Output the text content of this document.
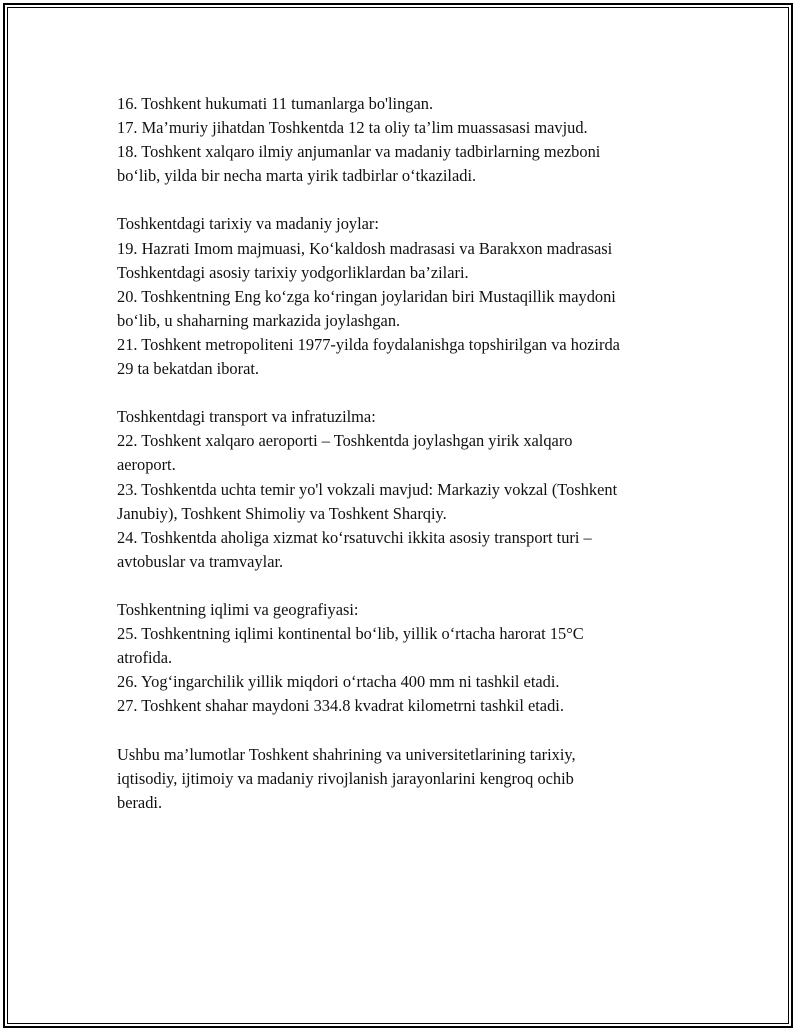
16. Toshkent hukumati 11 tumanlarga bo'lingan.
17. Ma’muriy jihatdan Toshkentda 12 ta oliy ta’lim muassasasi mavjud.
18. Toshkent xalqaro ilmiy anjumanlar va madaniy tadbirlarning mezboni
bo‘lib, yilda bir necha marta yirik tadbirlar o‘tkaziladi.
Toshkentdagi tarixiy va madaniy joylar:
19. Hazrati Imom majmuasi, Ko‘kaldosh madrasasi va Barakxon madrasasi
Toshkentdagi asosiy tarixiy yodgorliklardan ba’zilari.
20. Toshkentning Eng ko‘zga ko‘ringan joylaridan biri Mustaqillik maydoni
bo‘lib, u shaharning markazida joylashgan.
21. Toshkent metropoliteni 1977-yilda foydalanishga topshirilgan va hozirda
29 ta bekatdan iborat.
Toshkentdagi transport va infratuzilma:
22. Toshkent xalqaro aeroporti – Toshkentda joylashgan yirik xalqaro
aeroport.
23. Toshkentda uchta temir yo'l vokzali mavjud: Markaziy vokzal (Toshkent
Janubiy), Toshkent Shimoliy va Toshkent Sharqiy.
24. Toshkentda aholiga xizmat ko‘rsatuvchi ikkita asosiy transport turi –
avtobuslar va tramvaylar.
Toshkentning iqlimi va geografiyasi:
25. Toshkentning iqlimi kontinental bo‘lib, yillik o‘rtacha harorat 15°C
atrofida.
26. Yog‘ingarchilik yillik miqdori o‘rtacha 400 mm ni tashkil etadi.
27. Toshkent shahar maydoni 334.8 kvadrat kilometrni tashkil etadi.
Ushbu ma’lumotlar Toshkent shahrining va universitetlarining tarixiy,
iqtisodiy, ijtimoiy va madaniy rivojlanish jarayonlarini kengroq ochib
beradi.
